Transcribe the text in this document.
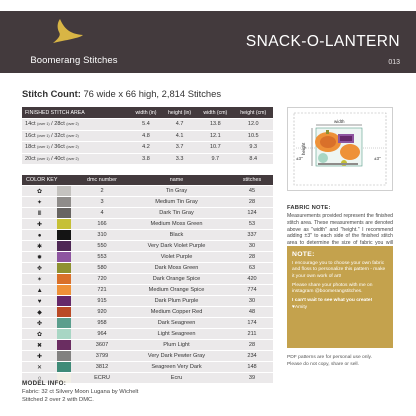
Boomerang Stitches
SNACK-O-LANTERN
013
Stitch Count: 76 wide x 66 high, 2,814 Stitches
FINISHED STITCH AREA	width (in)	height (in)	width (cm)	height (cm)
14ct (over 1) / 28ct (over 2)	5.4	4.7	13.8	12.0
16ct (over 1) / 32ct (over 2)	4.8	4.1	12.1	10.5
18ct (over 1) / 36ct (over 2)	4.2	3.7	10.7	9.3
20ct (over 1) / 40ct (over 2)	3.8	3.3	9.7	8.4
COLOR KEY		dmc number	name	stitches
✿		2	Tin Gray	45
✦		3	Medium Tin Gray	28
Ⅲ		4	Dark Tin Gray	124
✚		166	Medium Moss Green	53
●		310	Black	337
✱		550	Very Dark Violet Purple	30
✹		553	Violet Purple	28
✥		580	Dark Moss Green	63
✶		720	Dark Orange Spice	420
▲		721	Medium Orange Spice	774
♥		915	Dark Plum Purple	30
◆		920	Medium Copper Red	48
✤		958	Dark Seagreen	174
✿		964	Light Seagreen	211
✖		3607	Plum Light	28
✚		3799	Very Dark Pewter Gray	234
✕		3812	Seagreen Very Dark	148
○		ECRU	Ecru	39
MODEL INFO:
Fabric: 32 ct Silvery Moon Lugana by Wichelt
Stitched 2 over 2 with DMC.
width
height
±3"	±3"
FABRIC NOTE:
Measurements provided represent the finished stitch area. These measurements are denoted above as "width" and "height." I recommend adding ±3" to each side of the finished stitch area to determine the size of fabric you will
NOTE:
I encourage you to choose your own fabric and floss to personalize this pattern - make it your own work of art!
Please share your photos with me on instagram @boomerangstitches.
I can't wait to see what you create!
♥Amity
PDF patterns are for personal use only.
Please do not copy, share or sell.
